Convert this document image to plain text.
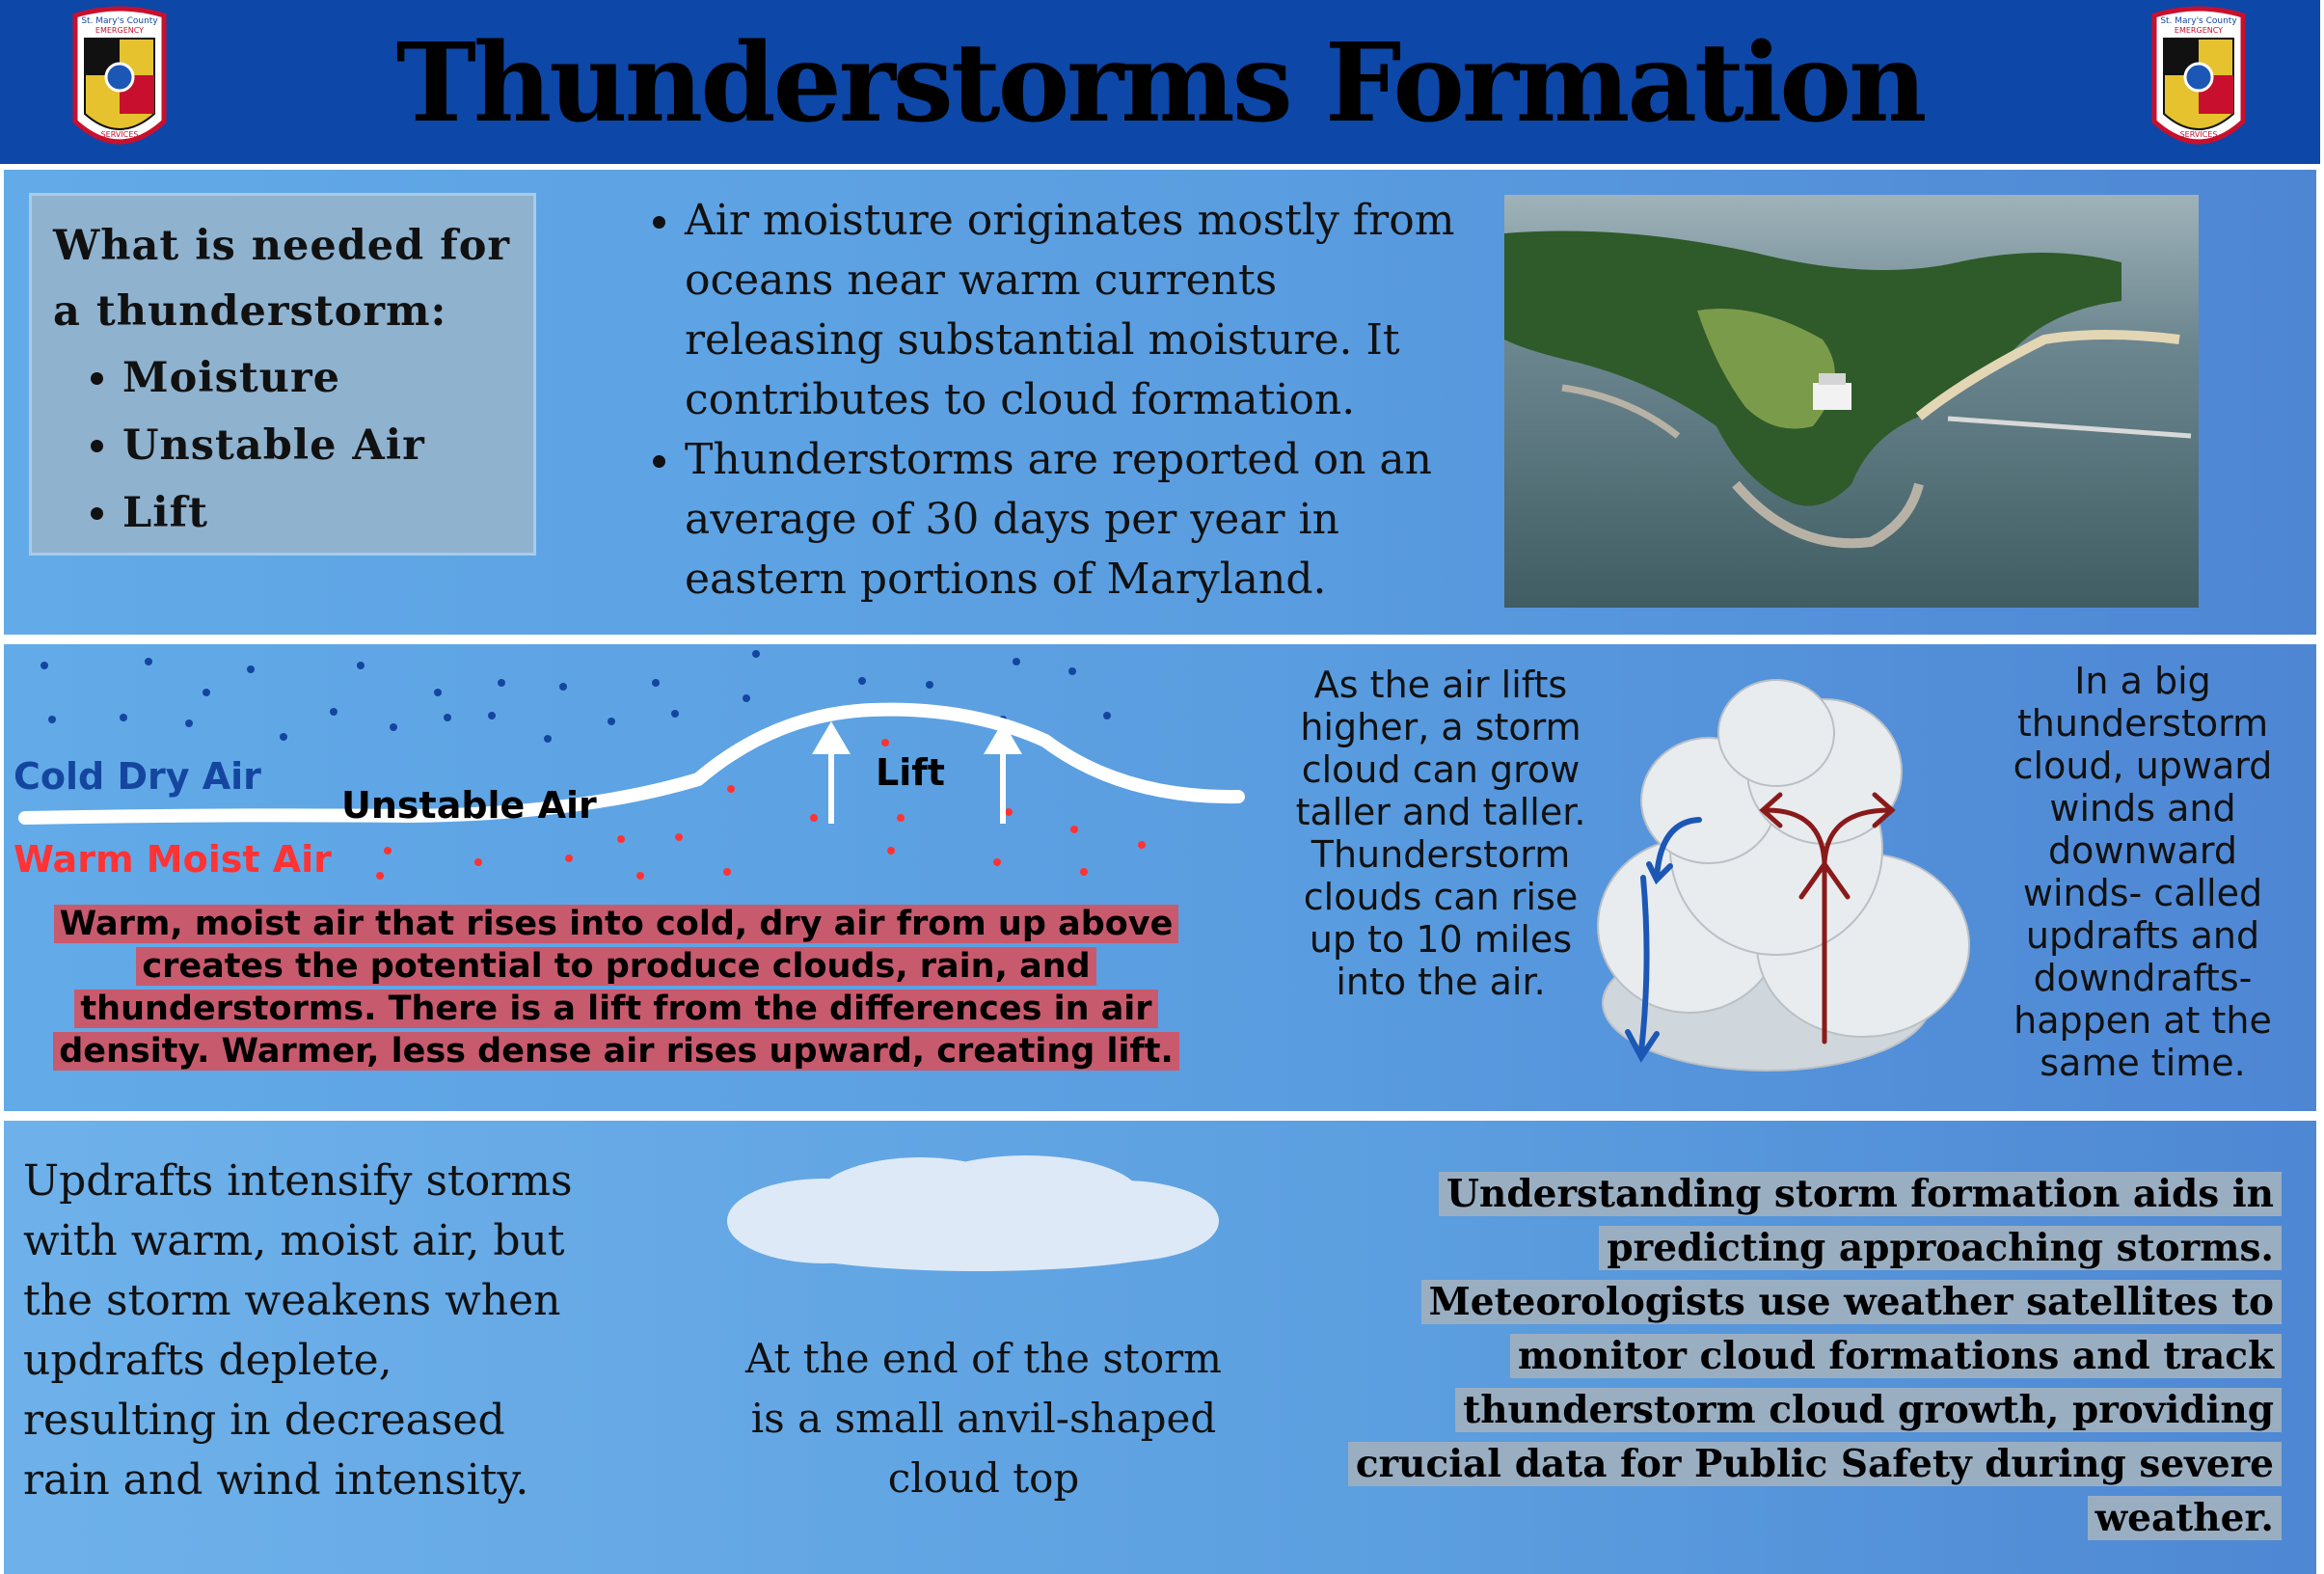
St. Mary's County
EMERGENCY
SERVICES	Thunderstorms Formation	St. Mary's County
EMERGENCY
SERVICES
What is needed for a thunderstorm:
• Moisture
• Unstable Air
• Lift
• Air moisture originates mostly from oceans near warm currents releasing substantial moisture. It contributes to cloud formation.
• Thunderstorms are reported on an average of 30 days per year in eastern portions of Maryland.
Cold Dry Air
Unstable Air
Warm Moist Air
Lift
Warm, moist air that rises into cold, dry air from up above creates the potential to produce clouds, rain, and thunderstorms. There is a lift from the differences in air density. Warmer, less dense air rises upward, creating lift.
As the air lifts higher, a storm cloud can grow taller and taller. Thunderstorm clouds can rise up to 10 miles into the air.
In a big thunderstorm cloud, upward winds and downward winds- called updrafts and downdrafts- happen at the same time.
Updrafts intensify storms with warm, moist air, but the storm weakens when updrafts deplete, resulting in decreased rain and wind intensity.
At the end of the storm is a small anvil-shaped cloud top
Understanding storm formation aids in predicting approaching storms. Meteorologists use weather satellites to monitor cloud formations and track thunderstorm cloud growth, providing crucial data for Public Safety during severe weather.
